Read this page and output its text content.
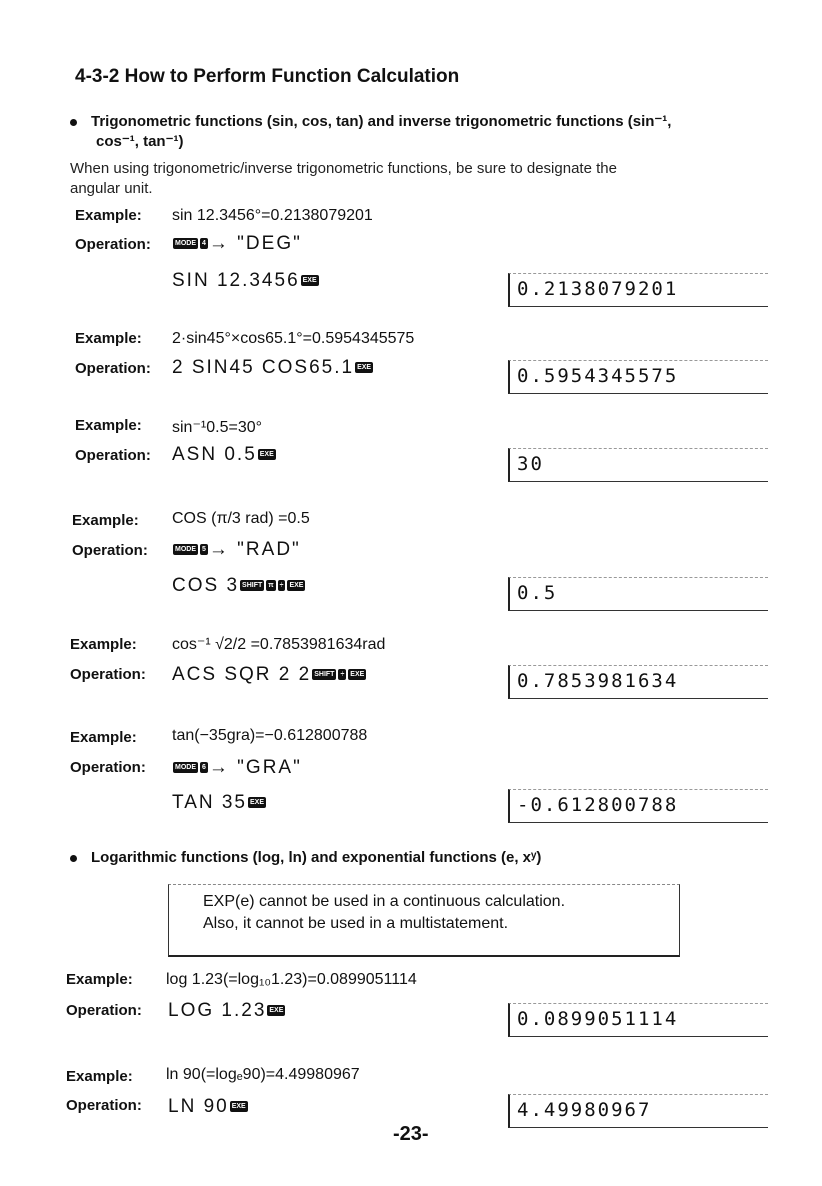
4-3-2 How to Perform Function Calculation
Trigonometric functions (sin, cos, tan) and inverse trigonometric functions (sin⁻¹,
cos⁻¹, tan⁻¹)
When using trigonometric/inverse trigonometric functions, be sure to designate the
angular unit.
Example: sin 12.3456°=0.2138079201
Operation:	MODE 4 → "DEG"
SIN 12.3456 EXE	0.2138079201
Example: 2·sin45°×cos65.1°=0.5954345575
Operation: 2 SIN45 COS65.1 EXE	0.5954345575
Example: sin⁻¹0.5=30°
Operation: ASN 0.5 EXE	30
Example: COS (π/3 rad) =0.5
Operation:	MODE 5 → "RAD"
COS 3 SHIFT π ÷ EXE	0.5
Example: cos⁻¹ √2/2 =0.7853981634rad
Operation: ACS SQR 2 2 SHIFT ÷ EXE	0.7853981634
Example: tan(−35gra)=−0.612800788
Operation:	MODE 6 → "GRA"
TAN 35 EXE	-0.612800788
Logarithmic functions (log, ln) and exponential functions (e, xʸ)
EXP(e) cannot be used in a continuous calculation.
Also, it cannot be used in a multistatement.
Example: log 1.23(=log₁₀1.23)=0.0899051114
Operation: LOG 1.23 EXE	0.0899051114
Example: ln 90(=logₑ90)=4.49980967
Operation: LN 90 EXE	4.49980967
-23-
